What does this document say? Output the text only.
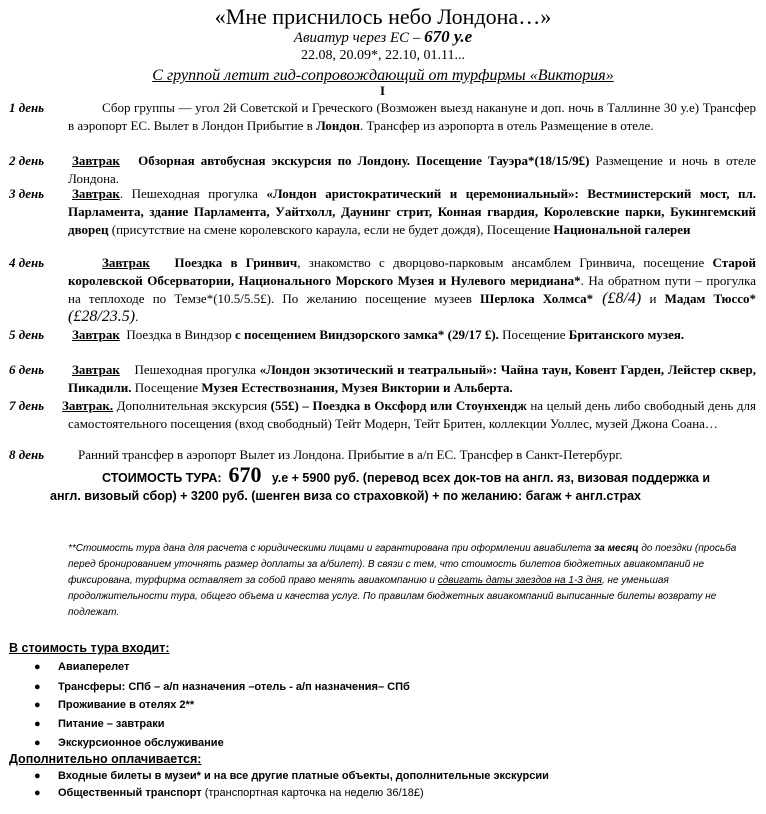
«Мне приснилось небо Лондона…»
Авиатур через ЕС – 670 у.е
22.08, 20.09*, 22.10, 01.11...
С группой летит гид-сопровождающий от турфирмы «Виктория»
I
1 день	Сбор группы — угол 2й Советской и Греческого (Возможен выезд накануне и доп. ночь в Таллинне 30 у.е) Трансфер в аэропорт ЕС. Вылет в Лондон Прибытие в Лондон. Трансфер из аэропорта в отель Размещение в отеле.
2 день	Завтрак Обзорная автобусная экскурсия по Лондону. Посещение Тауэра*(18/15/9£) Размещение и ночь в отеле Лондона.
3 день	Завтрак. Пешеходная прогулка «Лондон аристократический и церемониальный»: Вестминстерский мост, пл. Парламента, здание Парламента, Уайтхолл, Даунинг стрит, Конная гвардия, Королевские парки, Букингемский дворец (присутствие на смене королевского караула, если не будет дождя), Посещение Национальной галереи
4 день	Завтрак Поездка в Гринвич, знакомство с дворцово-парковым ансамблем Гринвича, посещение Старой королевской Обсерватории, Национального Морского Музея и Нулевого меридиана*. На обратном пути – прогулка на теплоходе по Темзе*(10.5/5.5£). По желанию посещение музеев Шерлока Холмса* (£8/4) и Мадам Тюссо* (£28/23.5).
5 день	Завтрак Поездка в Виндзор с посещением Виндзорского замка* (29/17 £). Посещение Британского музея.
6 день	Завтрак Пешеходная прогулка «Лондон экзотический и театральный»: Чайна таун, Ковент Гарден, Лейстер сквер, Пикадили. Посещение Музея Естествознания, Музея Виктории и Альберта.
7 день Завтрак. Дополнительная экскурсия (55£) – Поездка в Оксфорд или Стоунхендж на целый день либо свободный день для самостоятельного посещения (вход свободный) Тейт Модерн, Тейт Бритен, коллекции Уоллес, музей Джона Соана…
8 день	Ранний трансфер в аэропорт Вылет из Лондона. Прибытие в а/п ЕС. Трансфер в Санкт-Петербург.
СТОИМОСТЬ ТУРА: 670 у.е + 5900 руб. (перевод всех док-тов на англ. яз, визовая поддержка и англ. визовый сбор) + 3200 руб. (шенген виза со страховкой) + по желанию: багаж + англ.страх
**Стоимость тура дана для расчета с юридическими лицами и гарантирована при оформлении авиабилета за месяц до поездки (просьба перед бронированием уточнять размер доплаты за а/билет). В связи с тем, что стоимость билетов бюджетных авиакомпаний не фиксирована, турфирма оставляет за собой право менять авиакомпанию и сдвигать даты заездов на 1-3 дня, не уменьшая продолжительности тура, общего объема и качества услуг. По правилам бюджетных авиакомпаний выписанные билеты возврату не подлежат.
В стоимость тура входит:
● Авиаперелет
● Трансферы: СПб – а/п назначения –отель - а/п назначения– СПб
● Проживание в отелях 2**
● Питание – завтраки
● Экскурсионное обслуживание
Дополнительно оплачивается:
● Входные билеты в музеи* и на все другие платные объекты, дополнительные экскурсии
● Общественный транспорт (транспортная карточка на неделю 36/18£)
